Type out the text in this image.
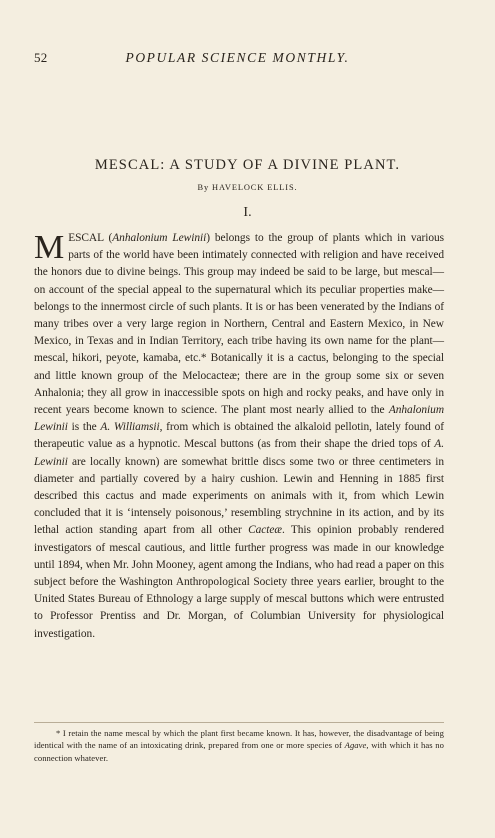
52	POPULAR SCIENCE MONTHLY.
MESCAL: A STUDY OF A DIVINE PLANT.
By HAVELOCK ELLIS.
I.

M ESCAL (Anhalonium Lewinii) belongs to the group of plants which in various parts of the world have been intimately connected with religion and have received the honors due to divine beings. This group may indeed be said to be large, but mescal—on account of the special appeal to the supernatural which its peculiar properties make—belongs to the innermost circle of such plants. It is or has been venerated by the Indians of many tribes over a very large region in Northern, Central and Eastern Mexico, in New Mexico, in Texas and in Indian Territory, each tribe having its own name for the plant—mescal, hikori, peyote, kamaba, etc.* Botanically it is a cactus, belonging to the special and little known group of the Melocacteæ; there are in the group some six or seven Anhalonia; they all grow in inaccessible spots on high and rocky peaks, and have only in recent years become known to science. The plant most nearly allied to the Anhalonium Lewinii is the A. Williamsii, from which is obtained the alkaloid pellotin, lately found of therapeutic value as a hypnotic. Mescal buttons (as from their shape the dried tops of A. Lewinii are locally known) are somewhat brittle discs some two or three centimeters in diameter and partially covered by a hairy cushion. Lewin and Henning in 1885 first described this cactus and made experiments on animals with it, from which Lewin concluded that it is ‘intensely poisonous,’ resembling strychnine in its action, and by its lethal action standing apart from all other Cacteæ. This opinion probably rendered investigators of mescal cautious, and little further progress was made in our knowledge until 1894, when Mr. John Mooney, agent among the Indians, who had read a paper on this subject before the Washington Anthropological Society three years earlier, brought to the United States Bureau of Ethnology a large supply of mescal buttons which were entrusted to Professor Prentiss and Dr. Morgan, of Columbian University for physiological investigation.

* I retain the name mescal by which the plant first became known. It has, however, the disadvantage of being identical with the name of an intoxicating drink, prepared from one or more species of Agave, with which it has no connection whatever.
